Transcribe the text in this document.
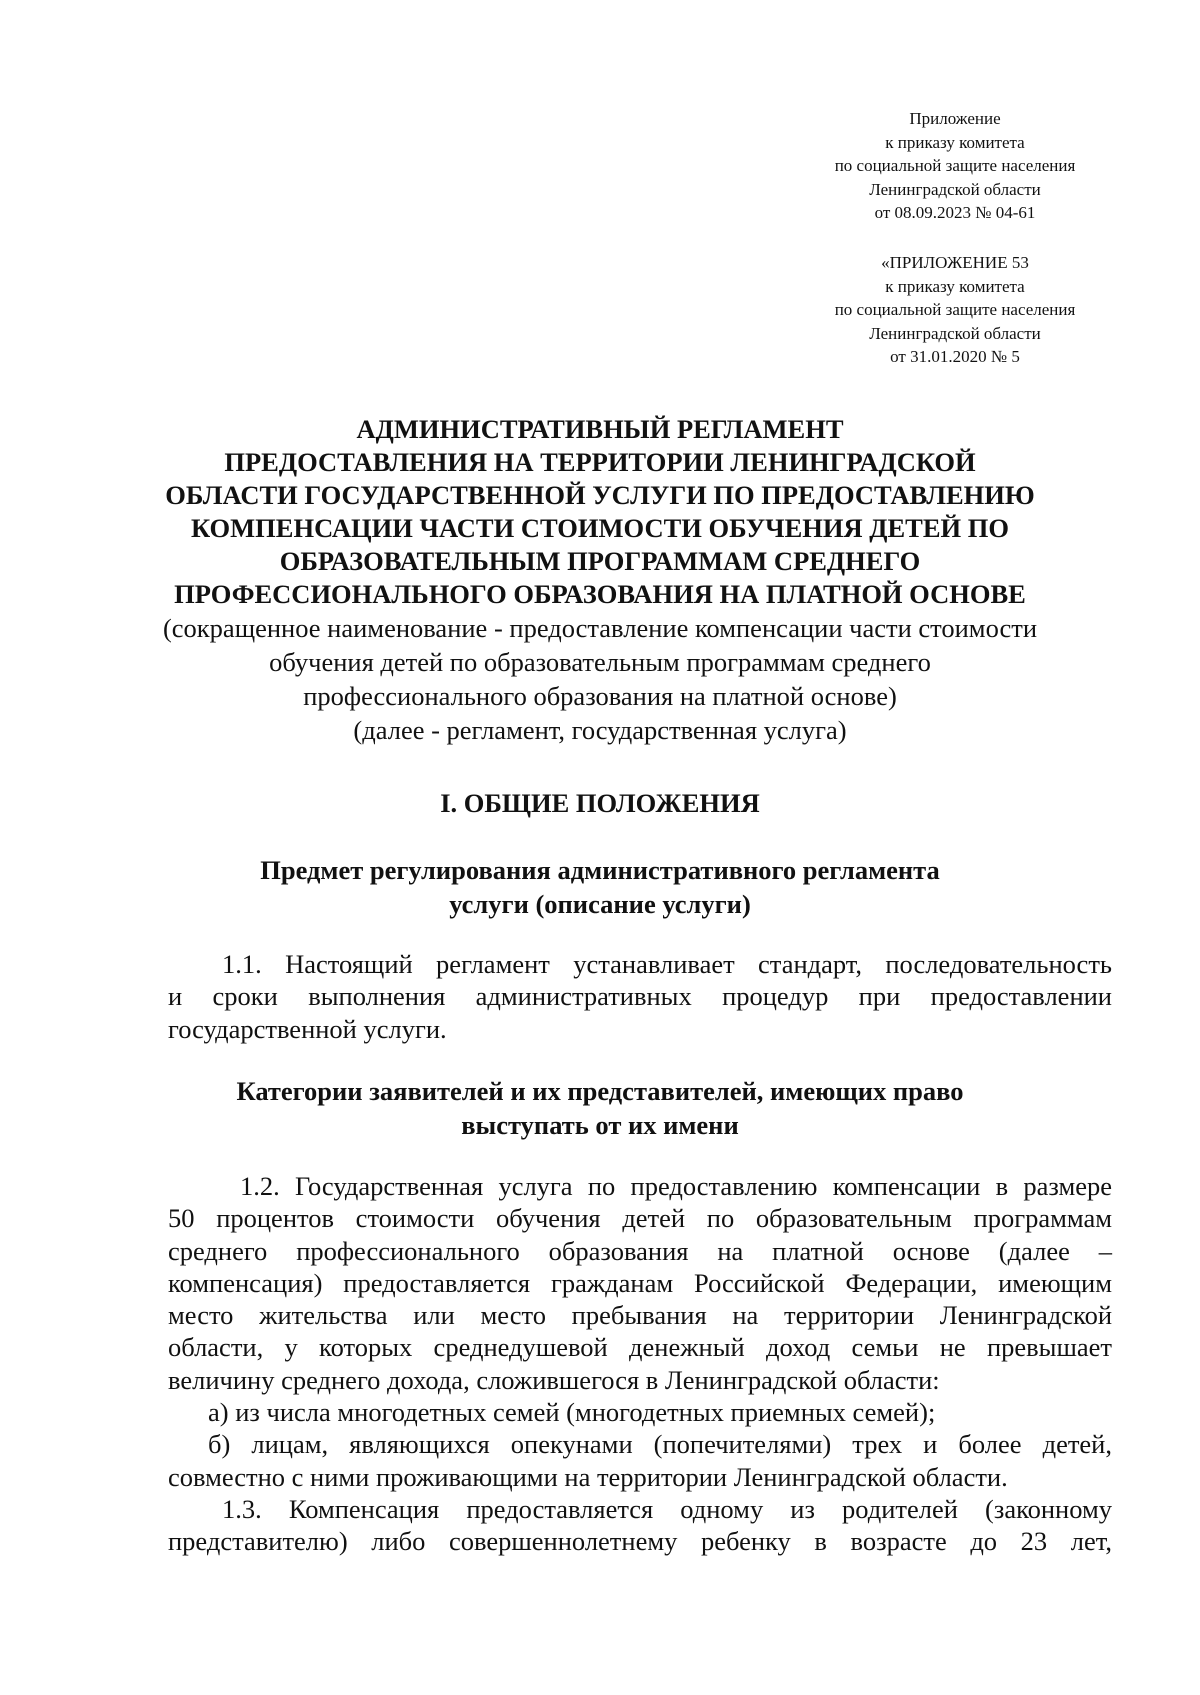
Приложение
к приказу комитета
по социальной защите населения
Ленинградской области
от 08.09.2023 № 04-61
«ПРИЛОЖЕНИЕ 53
к приказу комитета
по социальной защите населения
Ленинградской области
от 31.01.2020 № 5
АДМИНИСТРАТИВНЫЙ РЕГЛАМЕНТ
ПРЕДОСТАВЛЕНИЯ НА ТЕРРИТОРИИ ЛЕНИНГРАДСКОЙ
ОБЛАСТИ ГОСУДАРСТВЕННОЙ УСЛУГИ ПО ПРЕДОСТАВЛЕНИЮ
КОМПЕНСАЦИИ ЧАСТИ СТОИМОСТИ ОБУЧЕНИЯ ДЕТЕЙ ПО
ОБРАЗОВАТЕЛЬНЫМ ПРОГРАММАМ СРЕДНЕГО
ПРОФЕССИОНАЛЬНОГО ОБРАЗОВАНИЯ НА ПЛАТНОЙ ОСНОВЕ
(сокращенное наименование - предоставление компенсации части стоимости
обучения детей по образовательным программам среднего
профессионального образования на платной основе)
(далее - регламент, государственная услуга)
I. ОБЩИЕ ПОЛОЖЕНИЯ
Предмет регулирования административного регламента
услуги (описание услуги)
1.1. Настоящий регламент устанавливает стандарт, последовательность
и сроки выполнения административных процедур при предоставлении
государственной услуги.
Категории заявителей и их представителей, имеющих право
выступать от их имени
1.2. Государственная услуга по предоставлению компенсации в размере
50 процентов стоимости обучения детей по образовательным программам
среднего профессионального образования на платной основе (далее –
компенсация) предоставляется гражданам Российской Федерации, имеющим
место жительства или место пребывания на территории Ленинградской
области, у которых среднедушевой денежный доход семьи не превышает
величину среднего дохода, сложившегося в Ленинградской области:
а) из числа многодетных семей (многодетных приемных семей);
б) лицам, являющихся опекунами (попечителями) трех и более детей,
совместно с ними проживающими на территории Ленинградской области.
1.3. Компенсация предоставляется одному из родителей (законному
представителю) либо совершеннолетнему ребенку в возрасте до 23 лет,
